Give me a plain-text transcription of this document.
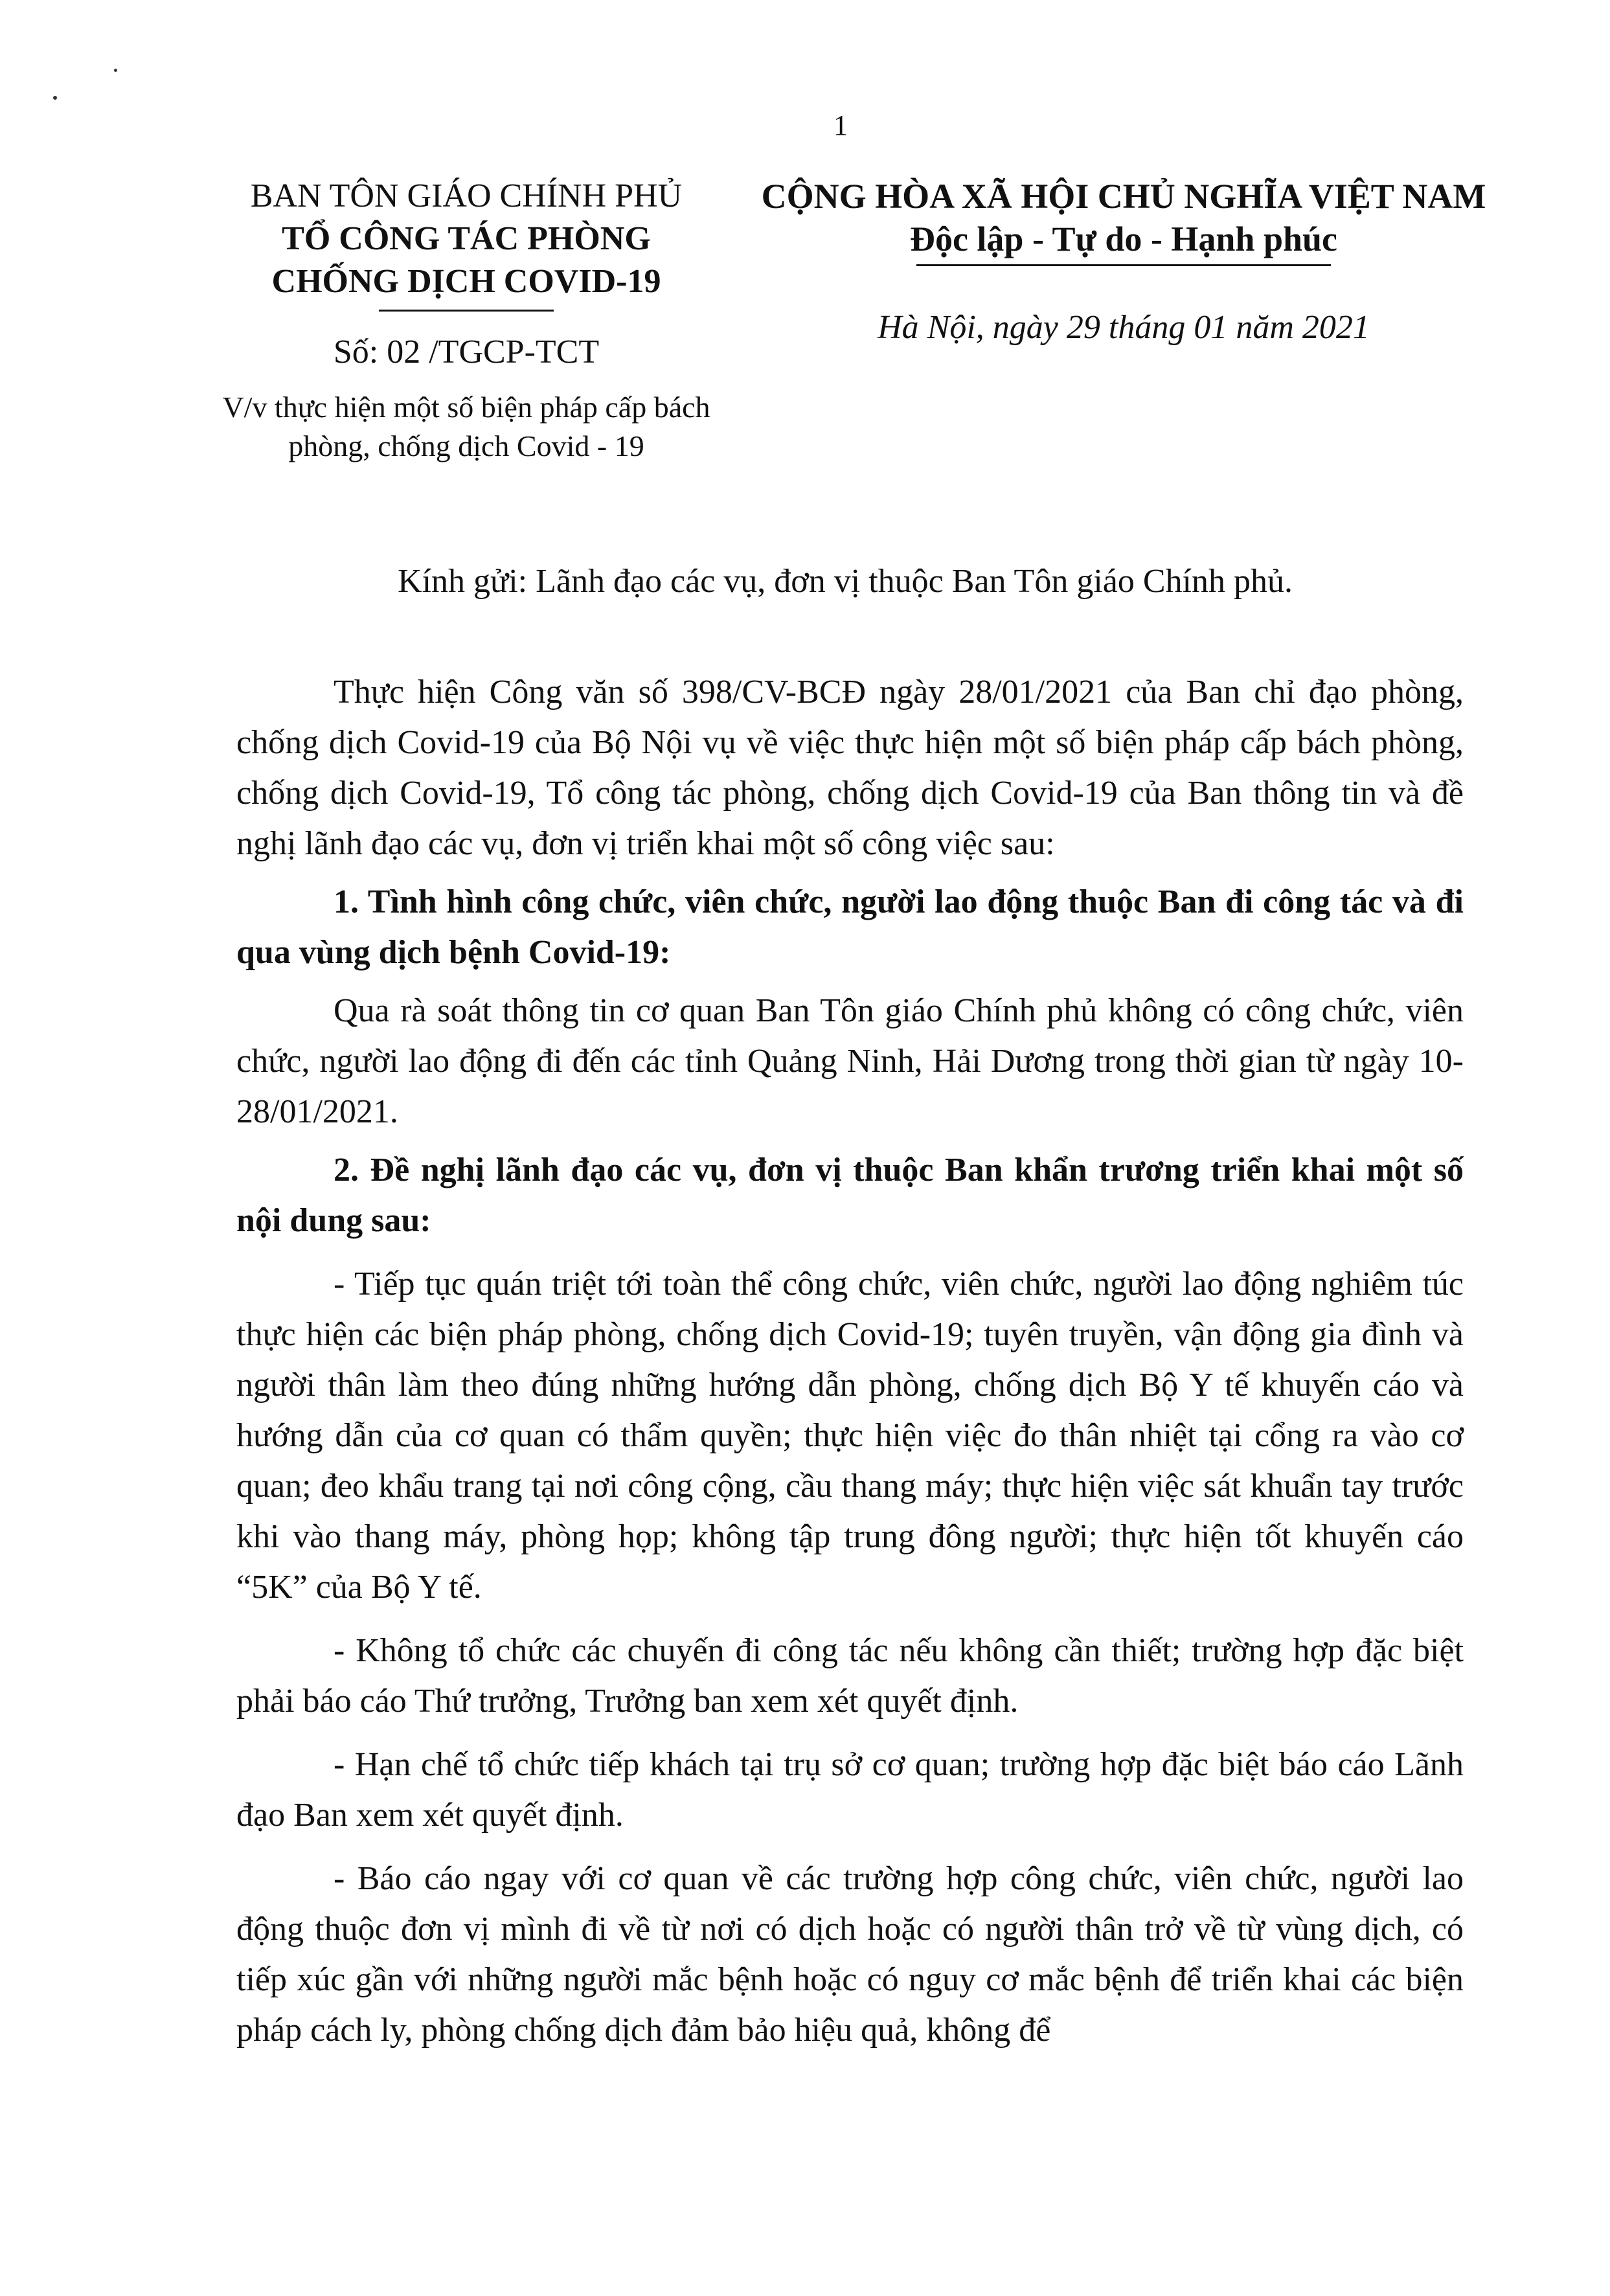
1
BAN TÔN GIÁO CHÍNH PHỦ
TỔ CÔNG TÁC PHÒNG
CHỐNG DỊCH COVID-19
Số: 02 /TGCP-TCT
V/v thực hiện một số biện pháp cấp bách
phòng, chống dịch Covid - 19
CỘNG HÒA XÃ HỘI CHỦ NGHĨA VIỆT NAM
Độc lập - Tự do - Hạnh phúc
Hà Nội, ngày 29 tháng 01 năm 2021
Kính gửi: Lãnh đạo các vụ, đơn vị thuộc Ban Tôn giáo Chính phủ.

Thực hiện Công văn số 398/CV-BCĐ ngày 28/01/2021 của Ban chỉ đạo phòng, chống dịch Covid-19 của Bộ Nội vụ về việc thực hiện một số biện pháp cấp bách phòng, chống dịch Covid-19, Tổ công tác phòng, chống dịch Covid-19 của Ban thông tin và đề nghị lãnh đạo các vụ, đơn vị triển khai một số công việc sau:

1. Tình hình công chức, viên chức, người lao động thuộc Ban đi công tác và đi qua vùng dịch bệnh Covid-19:

Qua rà soát thông tin cơ quan Ban Tôn giáo Chính phủ không có công chức, viên chức, người lao động đi đến các tỉnh Quảng Ninh, Hải Dương trong thời gian từ ngày 10-28/01/2021.

2. Đề nghị lãnh đạo các vụ, đơn vị thuộc Ban khẩn trương triển khai một số nội dung sau:

- Tiếp tục quán triệt tới toàn thể công chức, viên chức, người lao động nghiêm túc thực hiện các biện pháp phòng, chống dịch Covid-19; tuyên truyền, vận động gia đình và người thân làm theo đúng những hướng dẫn phòng, chống dịch Bộ Y tế khuyến cáo và hướng dẫn của cơ quan có thẩm quyền; thực hiện việc đo thân nhiệt tại cổng ra vào cơ quan; đeo khẩu trang tại nơi công cộng, cầu thang máy; thực hiện việc sát khuẩn tay trước khi vào thang máy, phòng họp; không tập trung đông người; thực hiện tốt khuyến cáo “5K” của Bộ Y tế.

- Không tổ chức các chuyến đi công tác nếu không cần thiết; trường hợp đặc biệt phải báo cáo Thứ trưởng, Trưởng ban xem xét quyết định.

- Hạn chế tổ chức tiếp khách tại trụ sở cơ quan; trường hợp đặc biệt báo cáo Lãnh đạo Ban xem xét quyết định.

- Báo cáo ngay với cơ quan về các trường hợp công chức, viên chức, người lao động thuộc đơn vị mình đi về từ nơi có dịch hoặc có người thân trở về từ vùng dịch, có tiếp xúc gần với những người mắc bệnh hoặc có nguy cơ mắc bệnh để triển khai các biện pháp cách ly, phòng chống dịch đảm bảo hiệu quả, không để
